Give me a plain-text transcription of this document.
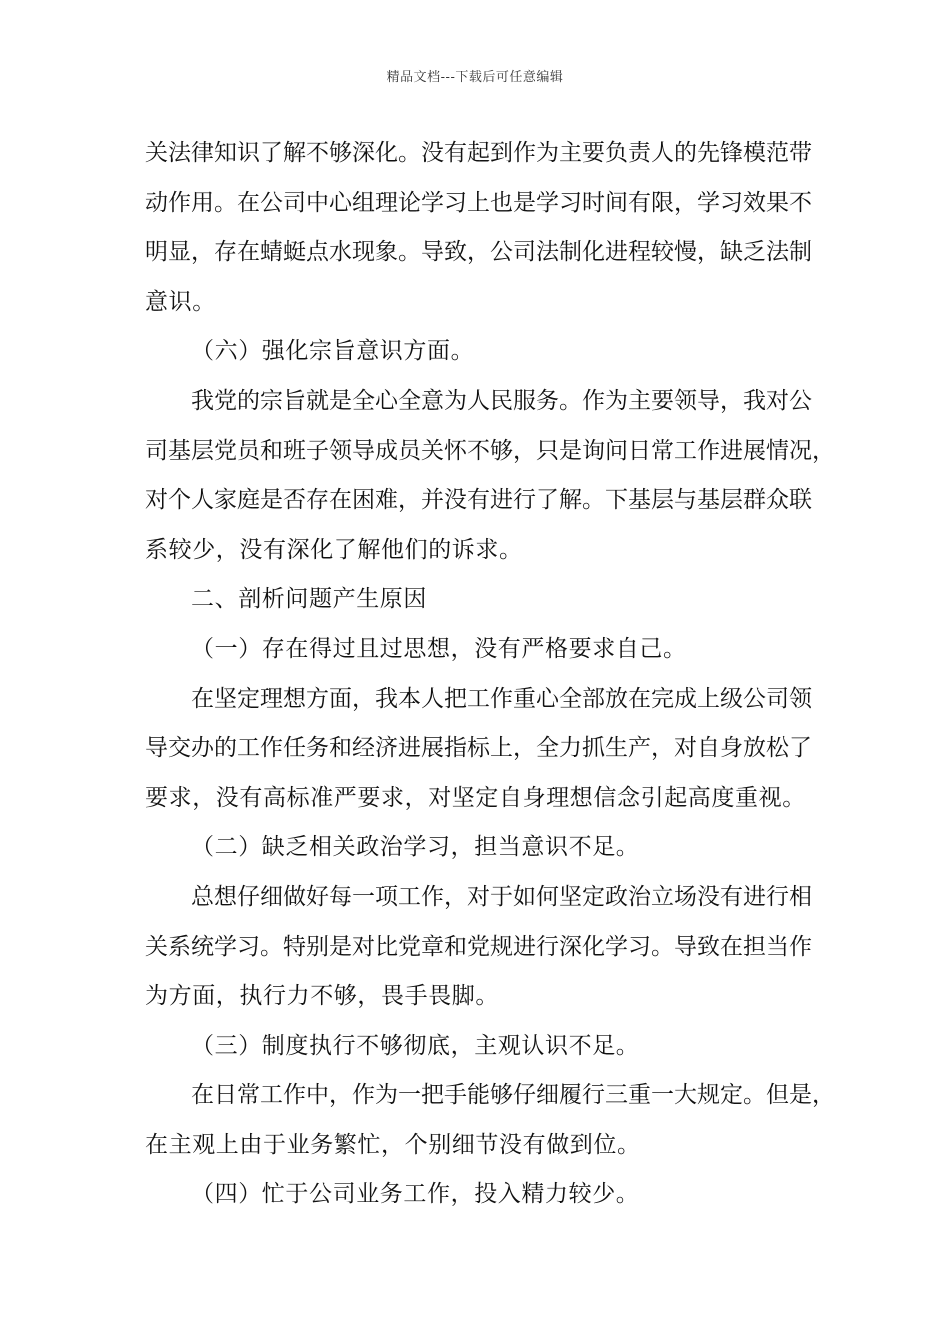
精品文档---下载后可任意编辑
关法律知识了解不够深化。没有起到作为主要负责人的先锋模范带
动作用。在公司中心组理论学习上也是学习时间有限，学习效果不
明显，存在蜻蜓点水现象。导致，公司法制化进程较慢，缺乏法制
意识。
（六）强化宗旨意识方面。
我党的宗旨就是全心全意为人民服务。作为主要领导，我对公
司基层党员和班子领导成员关怀不够，只是询问日常工作进展情况，
对个人家庭是否存在困难，并没有进行了解。下基层与基层群众联
系较少，没有深化了解他们的诉求。
二、剖析问题产生原因
（一）存在得过且过思想，没有严格要求自己。
在坚定理想方面，我本人把工作重心全部放在完成上级公司领
导交办的工作任务和经济进展指标上，全力抓生产，对自身放松了
要求，没有高标准严要求，对坚定自身理想信念引起高度重视。
（二）缺乏相关政治学习，担当意识不足。
总想仔细做好每一项工作，对于如何坚定政治立场没有进行相
关系统学习。特别是对比党章和党规进行深化学习。导致在担当作
为方面，执行力不够，畏手畏脚。
（三）制度执行不够彻底，主观认识不足。
在日常工作中，作为一把手能够仔细履行三重一大规定。但是，
在主观上由于业务繁忙，个别细节没有做到位。
（四）忙于公司业务工作，投入精力较少。
